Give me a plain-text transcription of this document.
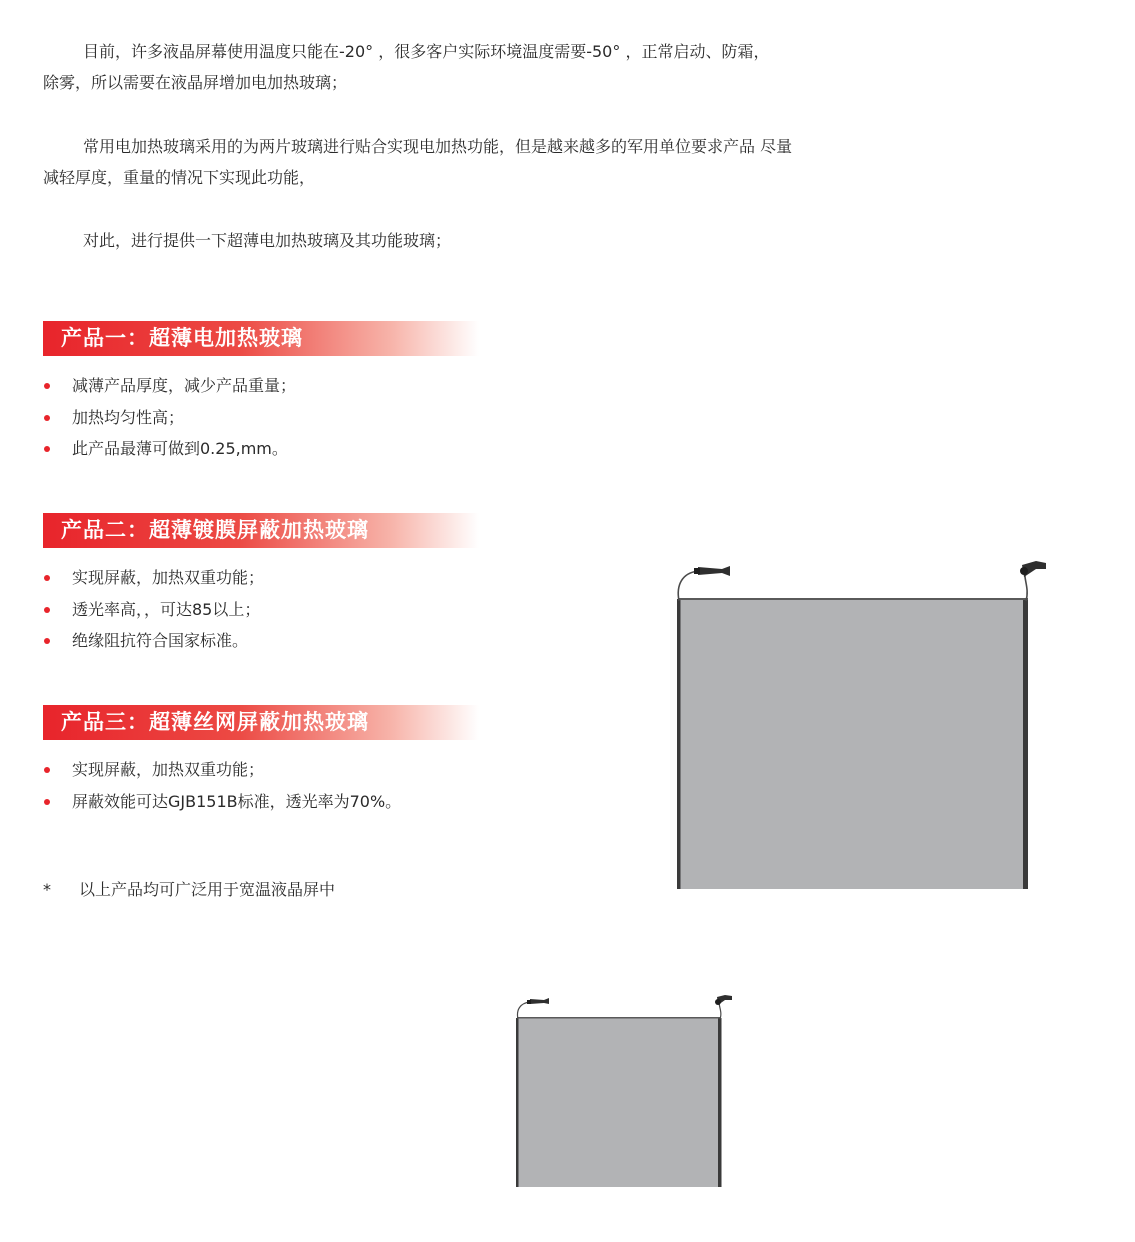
目前，许多液晶屏幕使用温度只能在-20° ，很多客户实际环境温度需要-50° ，正常启动、防霜，
除雾，所以需要在液晶屏增加电加热玻璃；

常用电加热玻璃采用的为两片玻璃进行贴合实现电加热功能，但是越来越多的军用单位要求产品 尽量
减轻厚度，重量的情况下实现此功能，

对此，进行提供一下超薄电加热玻璃及其功能玻璃；

产品一：超薄电加热玻璃
减薄产品厚度，减少产品重量；
加热均匀性高；
此产品最薄可做到0.25,mm。
产品二：超薄镀膜屏蔽加热玻璃
实现屏蔽，加热双重功能；
透光率高，，可达85以上；
绝缘阻抗符合国家标准。
产品三：超薄丝网屏蔽加热玻璃
实现屏蔽，加热双重功能；
屏蔽效能可达GJB151B标准，透光率为70%。
* 以上产品均可广泛用于宽温液晶屏中
